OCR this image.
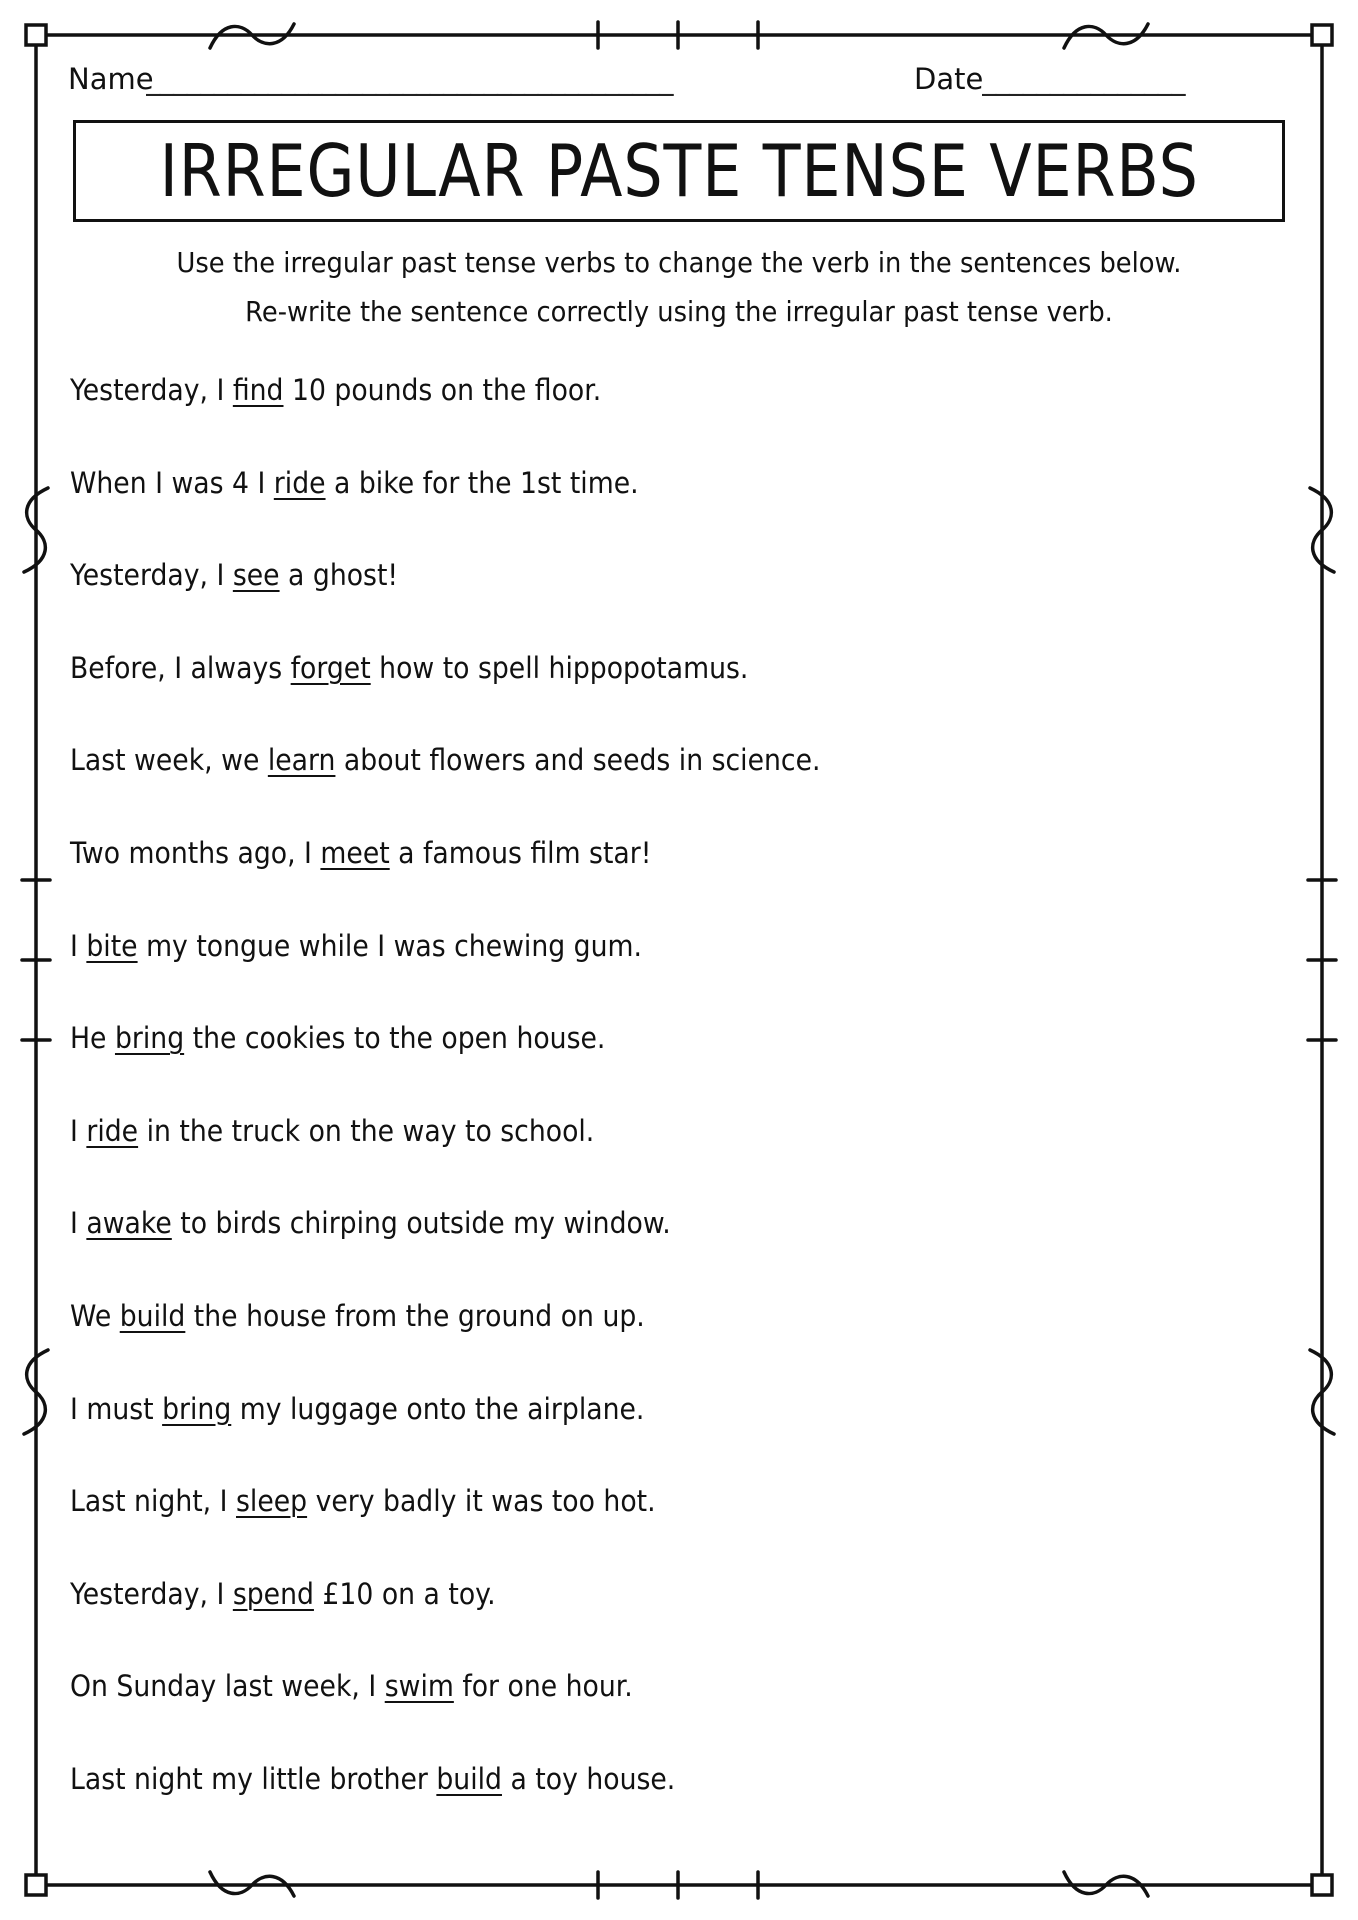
Name
_______________________________________	Date
_______________
IRREGULAR PASTE TENSE VERBS
Use the irregular past tense verbs to change the verb in the sentences below.
Re-write the sentence correctly using the irregular past tense verb.
Yesterday, I find 10 pounds on the floor.
When I was 4 I ride a bike for the 1st time.
Yesterday, I see a ghost!
Before, I always forget how to spell hippopotamus.
Last week, we learn about flowers and seeds in science.
Two months ago, I meet a famous film star!
I bite my tongue while I was chewing gum.
He bring the cookies to the open house.
I ride in the truck on the way to school.
I awake to birds chirping outside my window.
We build the house from the ground on up.
I must bring my luggage onto the airplane.
Last night, I sleep very badly it was too hot.
Yesterday, I spend £10 on a toy.
On Sunday last week, I swim for one hour.
Last night my little brother build a toy house.
